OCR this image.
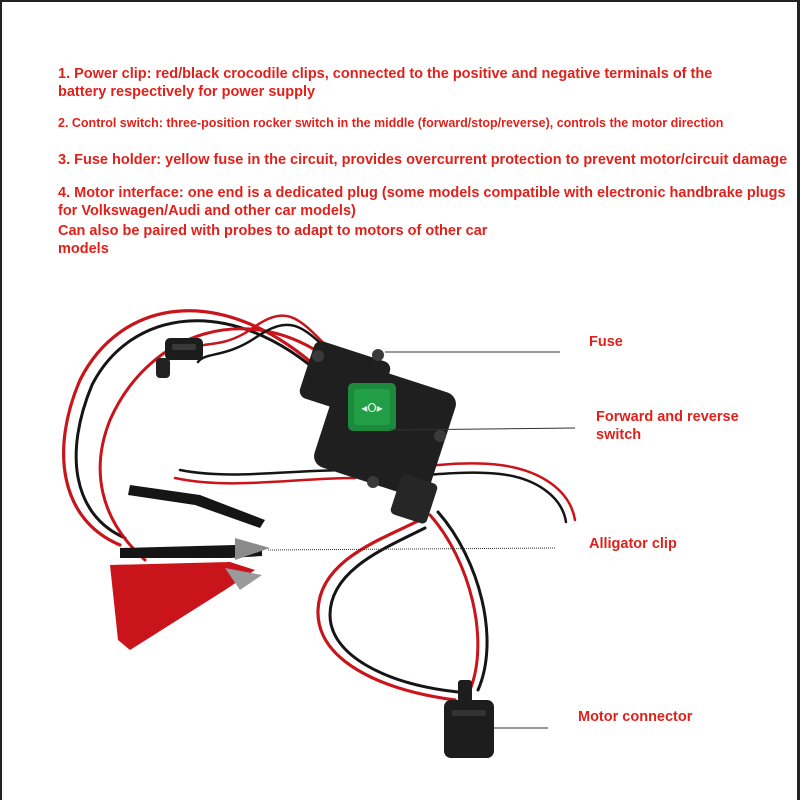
1. Power clip: red/black crocodile clips, connected to the positive and negative terminals of the battery respectively for power supply

2. Control switch: three-position rocker switch in the middle (forward/stop/reverse), controls the motor direction

3. Fuse holder: yellow fuse in the circuit, provides overcurrent protection to prevent motor/circuit damage

4. Motor interface: one end is a dedicated plug (some models compatible with electronic handbrake plugs for Volkswagen/Audi and other car models)

Can also be paired with probes to adapt to motors of other car models

◂O▸

Fuse

Forward and reverse switch

Alligator clip

Motor connector
